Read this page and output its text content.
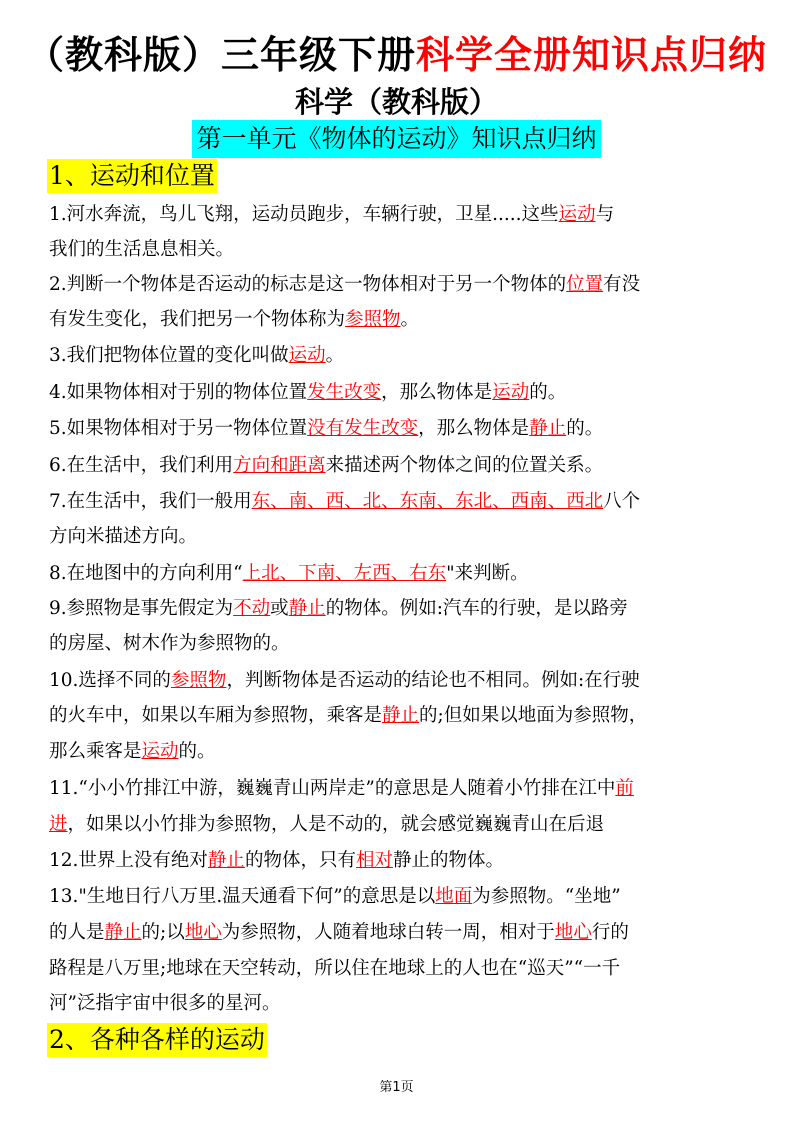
（教科版）三年级下册科学全册知识点归纳
科学（教科版）
第一单元《物体的运动》知识点归纳
1、运动和位置
1.河水奔流，鸟儿飞翔，运动员跑步，车辆行驶，卫星.....这些运动与
我们的生活息息相关。
2.判断一个物体是否运动的标志是这一物体相对于另一个物体的位置有没
有发生变化，我们把另一个物体称为参照物。
3.我们把物体位置的变化叫做运动。
4.如果物体相对于别的物体位置发生改变，那么物体是运动的。
5.如果物体相对于另一物体位置没有发生改变，那么物体是静止的。
6.在生活中，我们利用方向和距离来描述两个物体之间的位置关系。
7.在生活中，我们一般用东、南、西、北、东南、东北、西南、西北八个
方向米描述方向。
8.在地图中的方向利用“上北、下南、左西、右东"来判断。
9.参照物是事先假定为不动或静止的物体。例如:汽车的行驶，是以路旁
的房屋、树木作为参照物的。
10.选择不同的参照物，判断物体是否运动的结论也不相同。例如:在行驶
的火车中，如果以车厢为参照物，乘客是静止的;但如果以地面为参照物，
那么乘客是运动的。
11.“小小竹排江中游，巍巍青山两岸走”的意思是人随着小竹排在江中前
进，如果以小竹排为参照物，人是不动的，就会感觉巍巍青山在后退
12.世界上没有绝对静止的物体，只有相对静止的物体。
13."生地日行八万里.温天通看下何”的意思是以地面为参照物。“坐地”
的人是静止的;以地心为参照物，人随着地球白转一周，相对于地心行的
路程是八万里;地球在天空转动，所以住在地球上的人也在“巡天”“一千
河”泛指宇宙中很多的星河。
2、各种各样的运动
第1页
